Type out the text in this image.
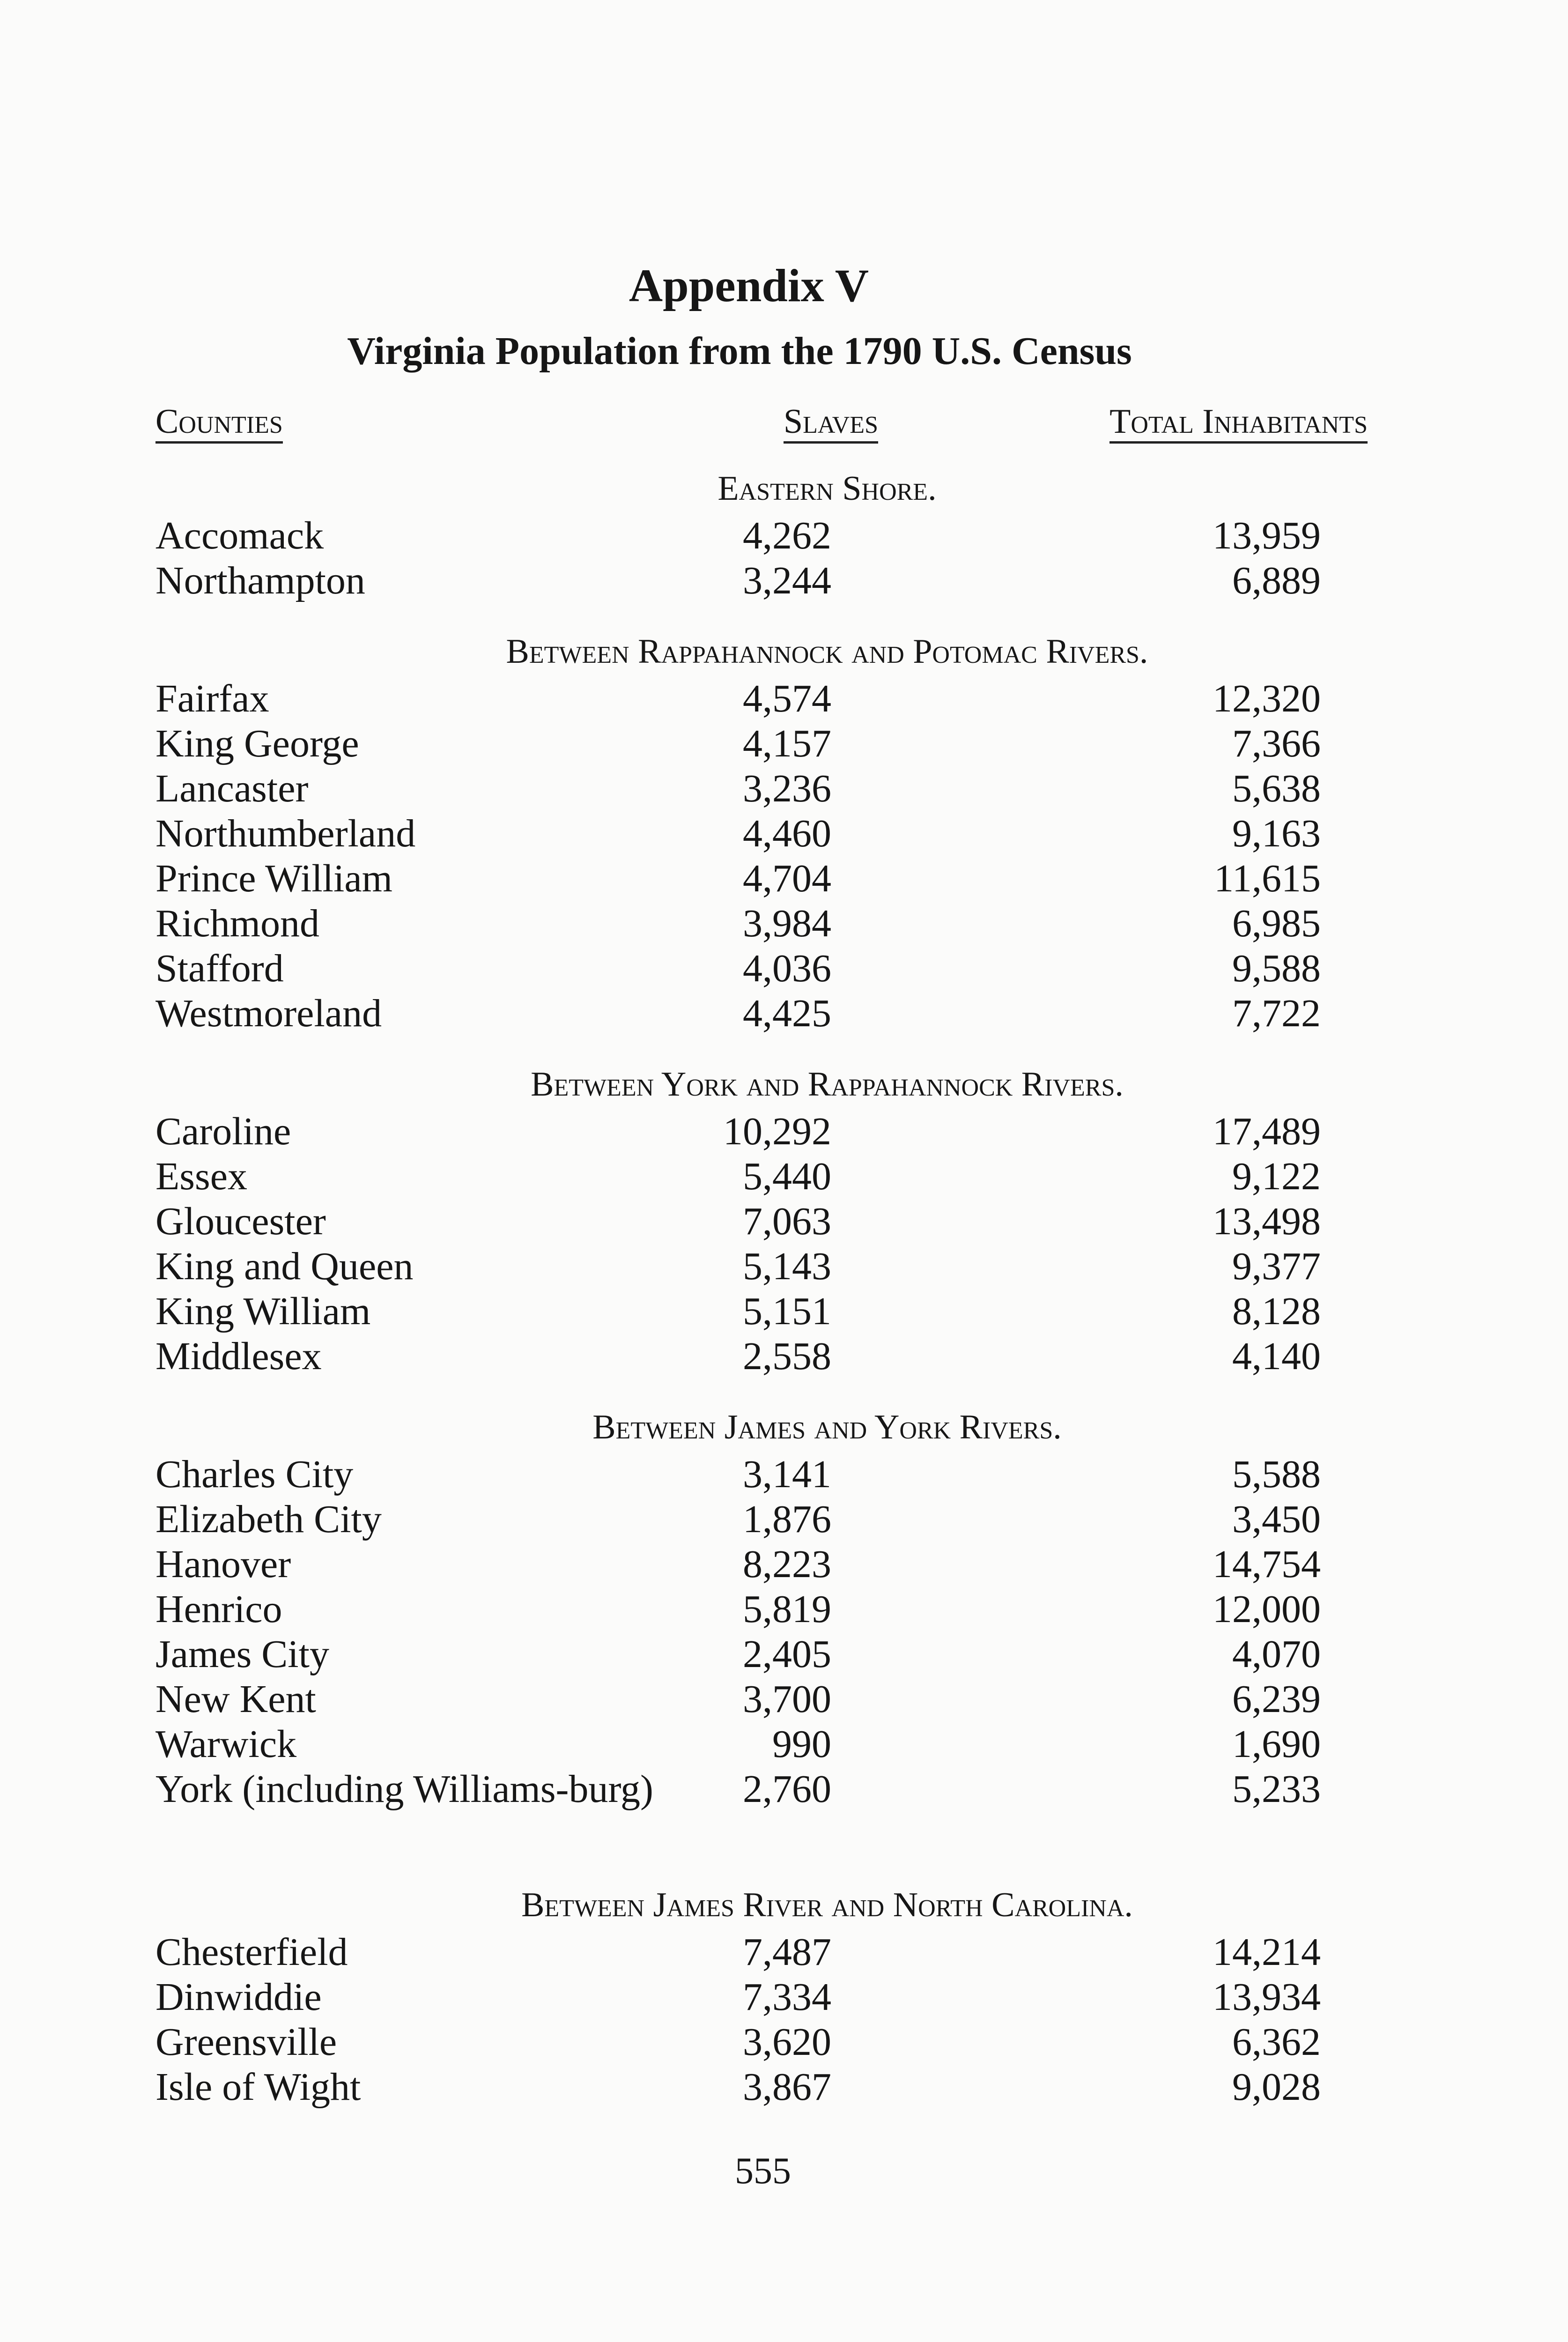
Appendix V
Virginia Population from the 1790 U.S. Census
Counties	Slaves	Total Inhabitants
Eastern Shore.
Accomack	4,262	13,959
Northampton	3,244	6,889
Between Rappahannock and Potomac Rivers.
Fairfax	4,574	12,320
King George	4,157	7,366
Lancaster	3,236	5,638
Northumberland	4,460	9,163
Prince William	4,704	11,615
Richmond	3,984	6,985
Stafford	4,036	9,588
Westmoreland	4,425	7,722
Between York and Rappahannock Rivers.
Caroline	10,292	17,489
Essex	5,440	9,122
Gloucester	7,063	13,498
King and Queen	5,143	9,377
King William	5,151	8,128
Middlesex	2,558	4,140
Between James and York Rivers.
Charles City	3,141	5,588
Elizabeth City	1,876	3,450
Hanover	8,223	14,754
Henrico	5,819	12,000
James City	2,405	4,070
New Kent	3,700	6,239
Warwick	990	1,690
York (including Williams-burg) 2,760	5,233
Between James River and North Carolina.
Chesterfield	7,487	14,214
Dinwiddie	7,334	13,934
Greensville	3,620	6,362
Isle of Wight	3,867	9,028
555
